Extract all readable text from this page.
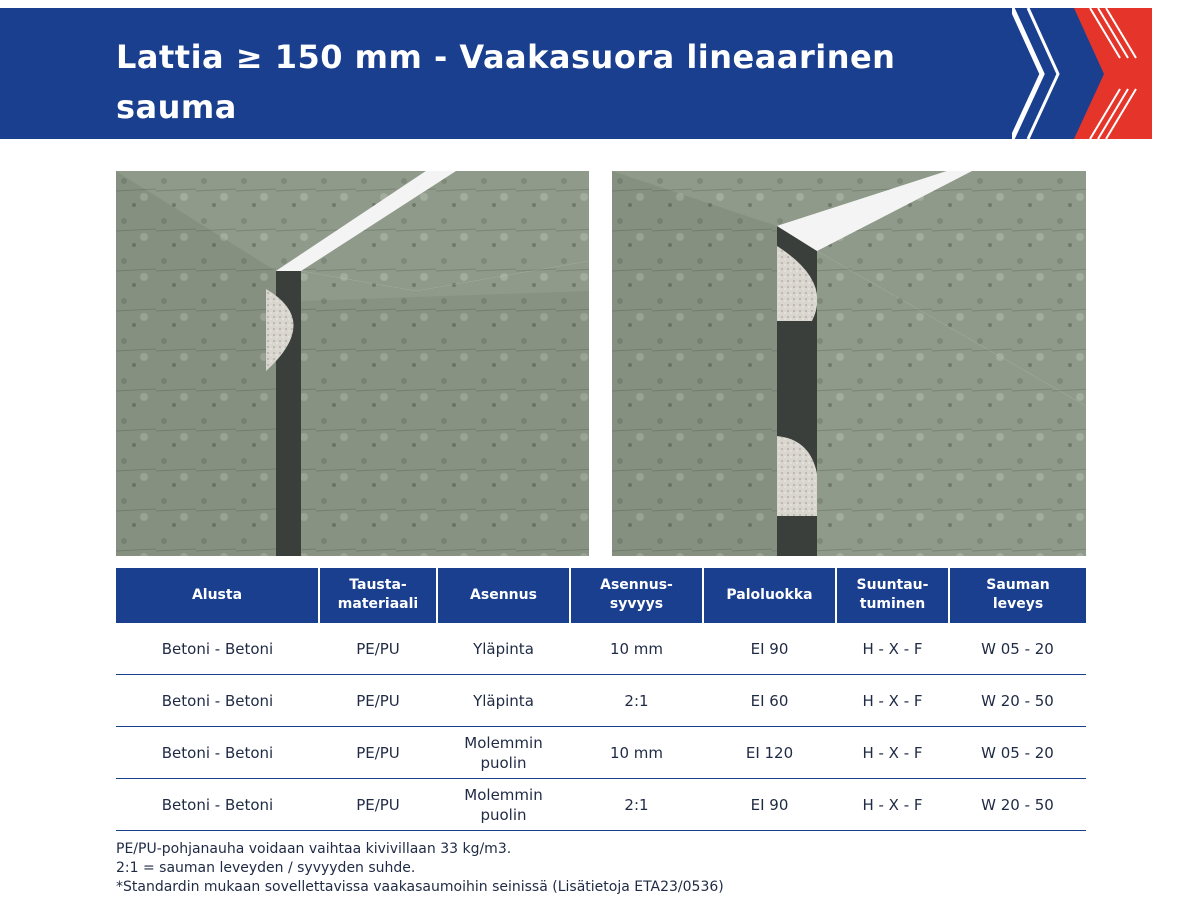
Lattia ≥ 150 mm - Vaakasuora lineaarinen sauma
Alusta	Tausta-
materiaali	Asennus	Asennus-
syvyys	Paloluokka	Suuntau-
tuminen	Sauman
leveys
Betoni - Betoni	PE/PU	Yläpinta	10 mm	EI 90	H - X - F	W 05 - 20
Betoni - Betoni	PE/PU	Yläpinta	2:1	EI 60	H - X - F	W 20 - 50
Betoni - Betoni	PE/PU	Molemmin
puolin	10 mm	EI 120	H - X - F	W 05 - 20
Betoni - Betoni	PE/PU	Molemmin
puolin	2:1	EI 90	H - X - F	W 20 - 50
PE/PU-pohjanauha voidaan vaihtaa kivivillaan 33 kg/m3.
2:1 = sauman leveyden / syvyyden suhde.
*Standardin mukaan sovellettavissa vaakasaumoihin seinissä (Lisätietoja ETA23/0536)
